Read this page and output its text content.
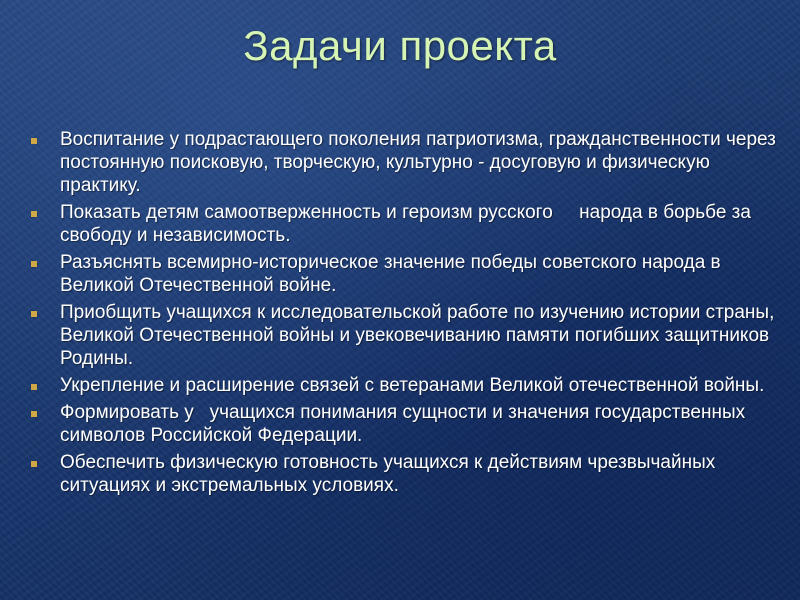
Задачи проекта
Воспитание у подрастающего поколения патриотизма, гражданственности через постоянную поисковую, творческую, культурно - досуговую и физическую практику.
Показать детям самоотверженность и героизм русского     народа в борьбе за свободу и независимость.
Разъяснять всемирно-историческое значение победы советского народа в Великой Отечественной войне.
Приобщить учащихся к исследовательской работе по изучению истории страны, Великой Отечественной войны и увековечиванию памяти погибших защитников Родины.
Укрепление и расширение связей с ветеранами Великой отечественной войны.
Формировать у   учащихся понимания сущности и значения государственных символов Российской Федерации.
Обеспечить физическую готовность учащихся к действиям чрезвычайных ситуациях и экстремальных условиях.
